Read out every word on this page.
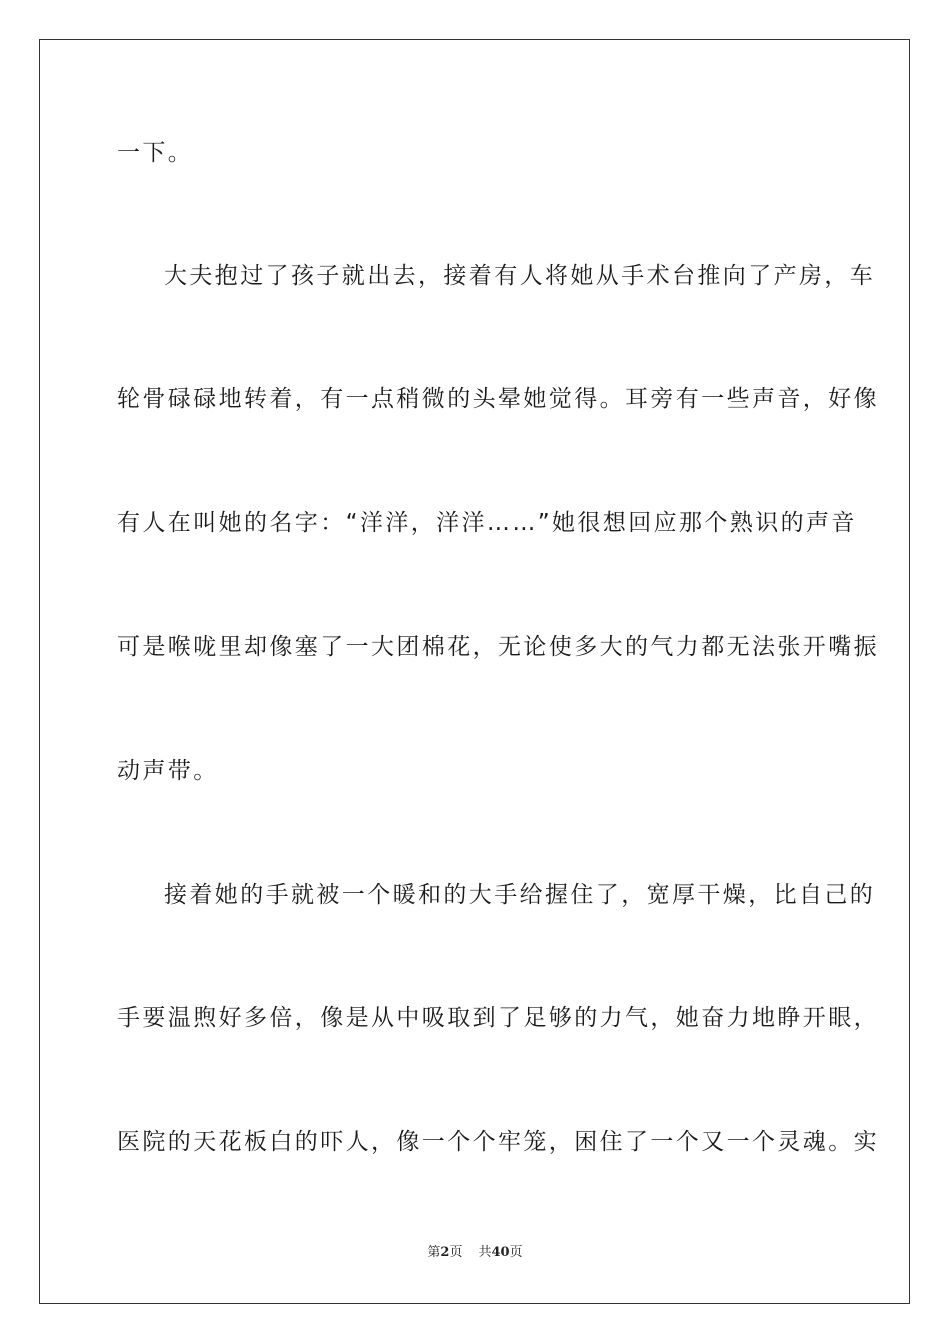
一下。
大夫抱过了孩子就出去，接着有人将她从手术台推向了产房，车
轮骨碌碌地转着，有一点稍微的头晕她觉得。耳旁有一些声音，好像
有人在叫她的名字：“洋洋，洋洋……”她很想回应那个熟识的声音
可是喉咙里却像塞了一大团棉花，无论使多大的气力都无法张开嘴振
动声带。
接着她的手就被一个暖和的大手给握住了，宽厚干燥，比自己的
手要温煦好多倍，像是从中吸取到了足够的力气，她奋力地睁开眼，
医院的天花板白的吓人，像一个个牢笼，困住了一个又一个灵魂。实
第2页 共40页
